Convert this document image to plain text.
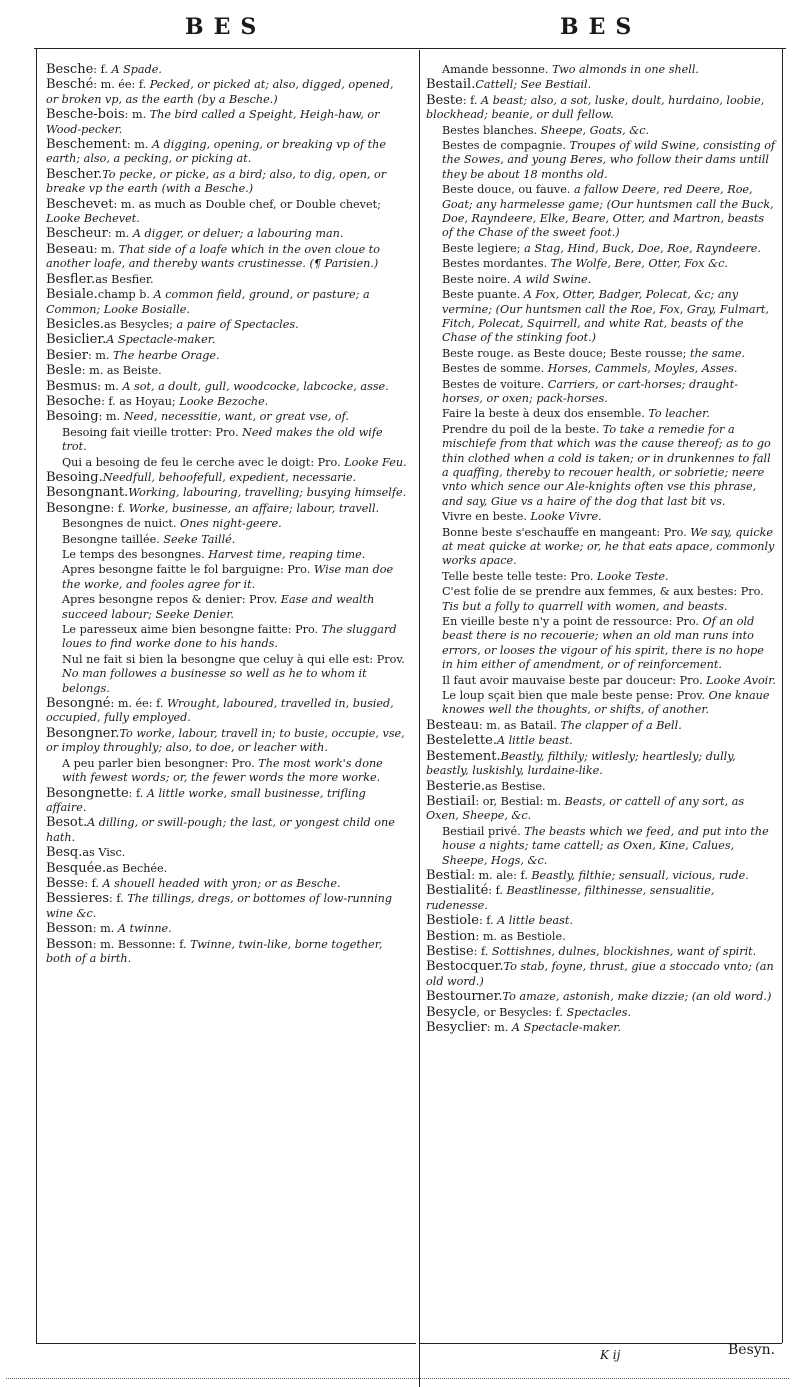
BES	BES
Besche: f. A Spade.
Besché: m. ée: f. Pecked, or picked at; also, digged, opened, or broken vp, as the earth (by a Besche.)
Besche-bois: m. The bird called a Speight, Heigh-haw, or Wood-pecker.
Beschement: m. A digging, opening, or breaking vp of the earth; also, a pecking, or picking at.
Bescher.To pecke, or picke, as a bird; also, to dig, open, or breake vp the earth (with a Besche.)
Beschevet: m. as much as Double chef, or Double chevet; Looke Bechevet.
Bescheur: m. A digger, or deluer; a labouring man.
Beseau: m. That side of a loafe which in the oven cloue to another loafe, and thereby wants crustinesse. (¶ Parisien.)
Besfler.as Besfier.
Besiale.champ b. A common field, ground, or pasture; a Common; Looke Bosialle.
Besicles.as Besycles; a paire of Spectacles.
Besiclier.A Spectacle-maker.
Besier: m. The hearbe Orage.
Besle: m. as Beiste.
Besmus: m. A sot, a doult, gull, woodcocke, labcocke, asse.
Besoche: f. as Hoyau; Looke Bezoche.
Besoing: m. Need, necessitie, want, or great vse, of.
Besoing fait vieille trotter: Pro. Need makes the old wife trot.
Qui a besoing de feu le cerche avec le doigt: Pro. Looke Feu.
Besoing.Needfull, behoofefull, expedient, necessarie.
Besongnant.Working, labouring, travelling; busying himselfe.
Besongne: f. Worke, businesse, an affaire; labour, travell.
Besongnes de nuict. Ones night-geere.
Besongne taillée. Seeke Taillé.
Le temps des besongnes. Harvest time, reaping time.
Apres besongne faitte le fol barguigne: Pro. Wise man doe the worke, and fooles agree for it.
Apres besongne repos & denier: Prov. Ease and wealth succeed labour; Seeke Denier.
Le paresseux aime bien besongne faitte: Pro. The sluggard loues to find worke done to his hands.
Nul ne fait si bien la besongne que celuy à qui elle est: Prov. No man followes a businesse so well as he to whom it belongs.
Besongné: m. ée: f. Wrought, laboured, travelled in, busied, occupied, fully employed.
Besongner.To worke, labour, travell in; to busie, occupie, vse, or imploy throughly; also, to doe, or leacher with.
A peu parler bien besongner: Pro. The most work's done with fewest words; or, the fewer words the more worke.
Besongnette: f. A little worke, small businesse, trifling affaire.
Besot.A dilling, or swill-pough; the last, or yongest child one hath.
Besq.as Visc.
Besquée.as Bechée.
Besse: f. A shouell headed with yron; or as Besche.
Bessieres: f. The tillings, dregs, or bottomes of low-running wine &c.
Besson: m. A twinne.
Besson: m. Bessonne: f. Twinne, twin-like, borne together, both of a birth.
Amande bessonne. Two almonds in one shell.
Bestail.Cattell; See Bestiail.
Beste: f. A beast; also, a sot, luske, doult, hurdaino, loobie, blockhead; beanie, or dull fellow.
Bestes blanches. Sheepe, Goats, &c.
Bestes de compagnie. Troupes of wild Swine, consisting of the Sowes, and young Beres, who follow their dams untill they be about 18 months old.
Beste douce, ou fauve. a fallow Deere, red Deere, Roe, Goat; any harmelesse game; (Our huntsmen call the Buck, Doe, Rayndeere, Elke, Beare, Otter, and Martron, beasts of the Chase of the sweet foot.)
Beste legiere; a Stag, Hind, Buck, Doe, Roe, Rayndeere.
Bestes mordantes. The Wolfe, Bere, Otter, Fox &c.
Beste noire. A wild Swine.
Beste puante. A Fox, Otter, Badger, Polecat, &c; any vermine; (Our huntsmen call the Roe, Fox, Gray, Fulmart, Fitch, Polecat, Squirrell, and white Rat, beasts of the Chase of the stinking foot.)
Beste rouge. as Beste douce; Beste rousse; the same.
Bestes de somme. Horses, Cammels, Moyles, Asses.
Bestes de voiture. Carriers, or cart-horses; draught-horses, or oxen; pack-horses.
Faire la beste à deux dos ensemble. To leacher.
Prendre du poil de la beste. To take a remedie for a mischiefe from that which was the cause thereof; as to go thin clothed when a cold is taken; or in drunkennes to fall a quaffing, thereby to recouer health, or sobrietie; neere vnto which sence our Ale-knights often vse this phrase, and say, Giue vs a haire of the dog that last bit vs.
Vivre en beste. Looke Vivre.
Bonne beste s'eschauffe en mangeant: Pro. We say, quicke at meat quicke at worke; or, he that eats apace, commonly works apace.
Telle beste telle teste: Pro. Looke Teste.
C'est folie de se prendre aux femmes, & aux bestes: Pro. Tis but a folly to quarrell with women, and beasts.
En vieille beste n'y a point de ressource: Pro. Of an old beast there is no recouerie; when an old man runs into errors, or looses the vigour of his spirit, there is no hope in him either of amendment, or of reinforcement.
Il faut avoir mauvaise beste par douceur: Pro. Looke Avoir.
Le loup sçait bien que male beste pense: Prov. One knaue knowes well the thoughts, or shifts, of another.
Besteau: m. as Batail. The clapper of a Bell.
Bestelette.A little beast.
Bestement.Beastly, filthily; witlesly; heartlesly; dully, beastly, luskishly, lurdaine-like.
Besterie.as Bestise.
Bestiail: or, Bestial: m. Beasts, or cattell of any sort, as Oxen, Sheepe, &c.
Bestiail privé. The beasts which we feed, and put into the house a nights; tame cattell; as Oxen, Kine, Calues, Sheepe, Hogs, &c.
Bestial: m. ale: f. Beastly, filthie; sensuall, vicious, rude.
Bestialité: f. Beastlinesse, filthinesse, sensualitie, rudenesse.
Bestiole: f. A little beast.
Bestion: m. as Bestiole.
Bestise: f. Sottishnes, dulnes, blockishnes, want of spirit.
Bestocquer.To stab, foyne, thrust, giue a stoccado vnto; (an old word.)
Bestourner.To amaze, astonish, make dizzie; (an old word.)
Besycle, or Besycles: f. Spectacles.
Besyclier: m. A Spectacle-maker.
K ij	Besyn.
